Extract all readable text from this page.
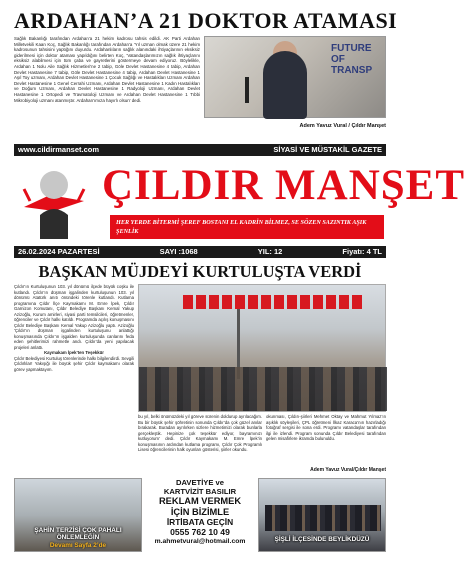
ARDAHAN’A 21 DOKTOR ATAMASI
Sağlık Bakanlığı tarafından Ardahan’a 21 hekim kadrosu tahsis edildi. AK Parti Ardahan Milletvekili Kaan Koç, Sağlık Bakanlığı tarafından Ardahan’a 'Yıl uzman olmak üzere 21 hekim kadrosunun tahsisini yaptığını duyurdu. Ardahanlıların sağlık alanındaki ihtiyaçlarının eksiksiz giderilmesi için doktor ataması yapıldığını belirten Koç, 'Vatandaşlarımızın sağlık ihtiyaçlarını eksiksiz alabilmesi için tüm çaba ve gayretlerini göstermeye devam ediyoruz. Böylelikle, Ardahan 1 Nolu Aile Sağlık Hizmetleri'ne 2 tabip, Göle Devlet Hastanesine 4 tabip, Ardahan Devlet Hastanesine 7 tabip, Göle Devlet Hastanesine 4 tabip, Ardahan Devlet Hastanesine 1 Aşıl Toy uzmanı, Ardahan Devlet Hastanesine 1 Çocuk Sağlığı ve Hastalıkları Uzmanı Ardahan Devlet Hastanesine 1 Genel Cerrahi Uzmanı, Ardahan Devlet Hastanesine 1 Kadın Hastalıkları ve Doğum Uzmanı, Ardahan Devlet Hastanesine 1 Radyoloji Uzmanı, Ardahan Devlet Hastanesine 1 Ortopedi ve Travmatoloji Uzmanı ve Ardahan Devlet Hastanesine 1 Tıbbi Mikrobiyoloji uzmanı atanmıştır. Ardahan’ımıza hayırlı olsun' dedi.
FUTURE OF TRANSP
Adem Yavuz Vural / Çıldır Manşet
www.cildirmanset.com	SİYASİ VE MÜSTAKİL GAZETE
ÇILDIR MANŞET
HER YERDE BİTERMİ ŞEREF BOSTANI EL KADRİN BİLMEZ, SE SÖZEN SAZINTIK AŞIK ŞENLİK
26.02.2024 PAZARTESİ	SAYI :1068	YIL: 12	Fiyatı: 4 TL
BAŞKAN MÜJDEYİ KURTULUŞTA VERDİ

Çıldır’ın Kurtuluşunun 103. yıl dönümü ilçede büyük coşku ile kutlandı. Çıldır’ın düşman işgalinden kurtuluşunun 103. yıl dönümü Atatürk anıtı önündeki törenle kutlandı. Kutlama programına Çıldır İlçe Kaymakamı M. Emre İpek, Çıldır Garnizon Komutanı, Çıldır Belediye Başkanı Kemal Yakup Azizoğlu, Kurum amirleri, siyasi parti temsilcileri, öğretmenler, öğrenciler ve Çıldır halkı katıldı. Programda açılış konuşmasını Çıldır Belediye Başkanı Kemal Yakup Azizoğlu yaptı. Azizoğlu 'Çıldır’ın düşman işgalinden kurtuluşunu anlattığı konuşmasında Çıldır’ın işgalden kurtuluşunda canlarını feda eden şehitlerimizi rahmetle andı. Çıldır’da yeni yapılacak projeleri anlattı.

Kaymakam İpek’ten Teşekkür

Çıldır Belediyesi Kurtuluş törenlerinde halkı bilgilendirdi. Sevgili Çıldırlılar! Yakışığı ile büyük şehir Çıldır kaymakamı olarak görev yapmaktayım.

bu yıl, belki önümüzdeki yıl göreve sürenin doldurup ayrılacağım. Bu bir büyük şehir şöhretinin sonunda Çıldır’da çok güzel anılar bırakarak. Buradan ayrılırken sizlere hizmetimizi olarak bunlarla gerçekleştik. Hepinize çok teşekkür ediyor, bayramınızı kutluyorum' dedi. Çıldır Kaymakamı M. Emre İpek’in konuşmasının ardından kutlama programı, Çıldır Çok Programlı Lisesi öğrencilerinin halk oyunları gösterisi, şiirler okundu.
okunması, Çıldırı-şiirleri Mehmet Oktay ve Mahmut Yılmaz’ın aşıklık söyleşileri, ÇPL öğretmeni İlkaz Karaca’nın hazırladığı fotoğraf sergisi ile sona erdi. Programı vatandaşlar tarafından ilgi ile izlendi. Program sonunda Çıldır Belediyesi tarafından gelen misafirlere ikramda bulunuldu.
Adem Yavuz Vural/Çıldır Manşet
ŞAHİN TERZİSİ ÇOK PAHALI ÖNLEMLEĞİN
Devamı Sayfa 2’de
DAVETİYE ve
KARTVİZİT BASILIR
REKLAM VERMEK
İÇİN BİZİMLE
İRTİBATA GEÇİN
0555 762 10 49
m.ahmetvural@hotmail.com	ŞİŞLİ İLÇESİNDE BEYLİKDÜZÜ
